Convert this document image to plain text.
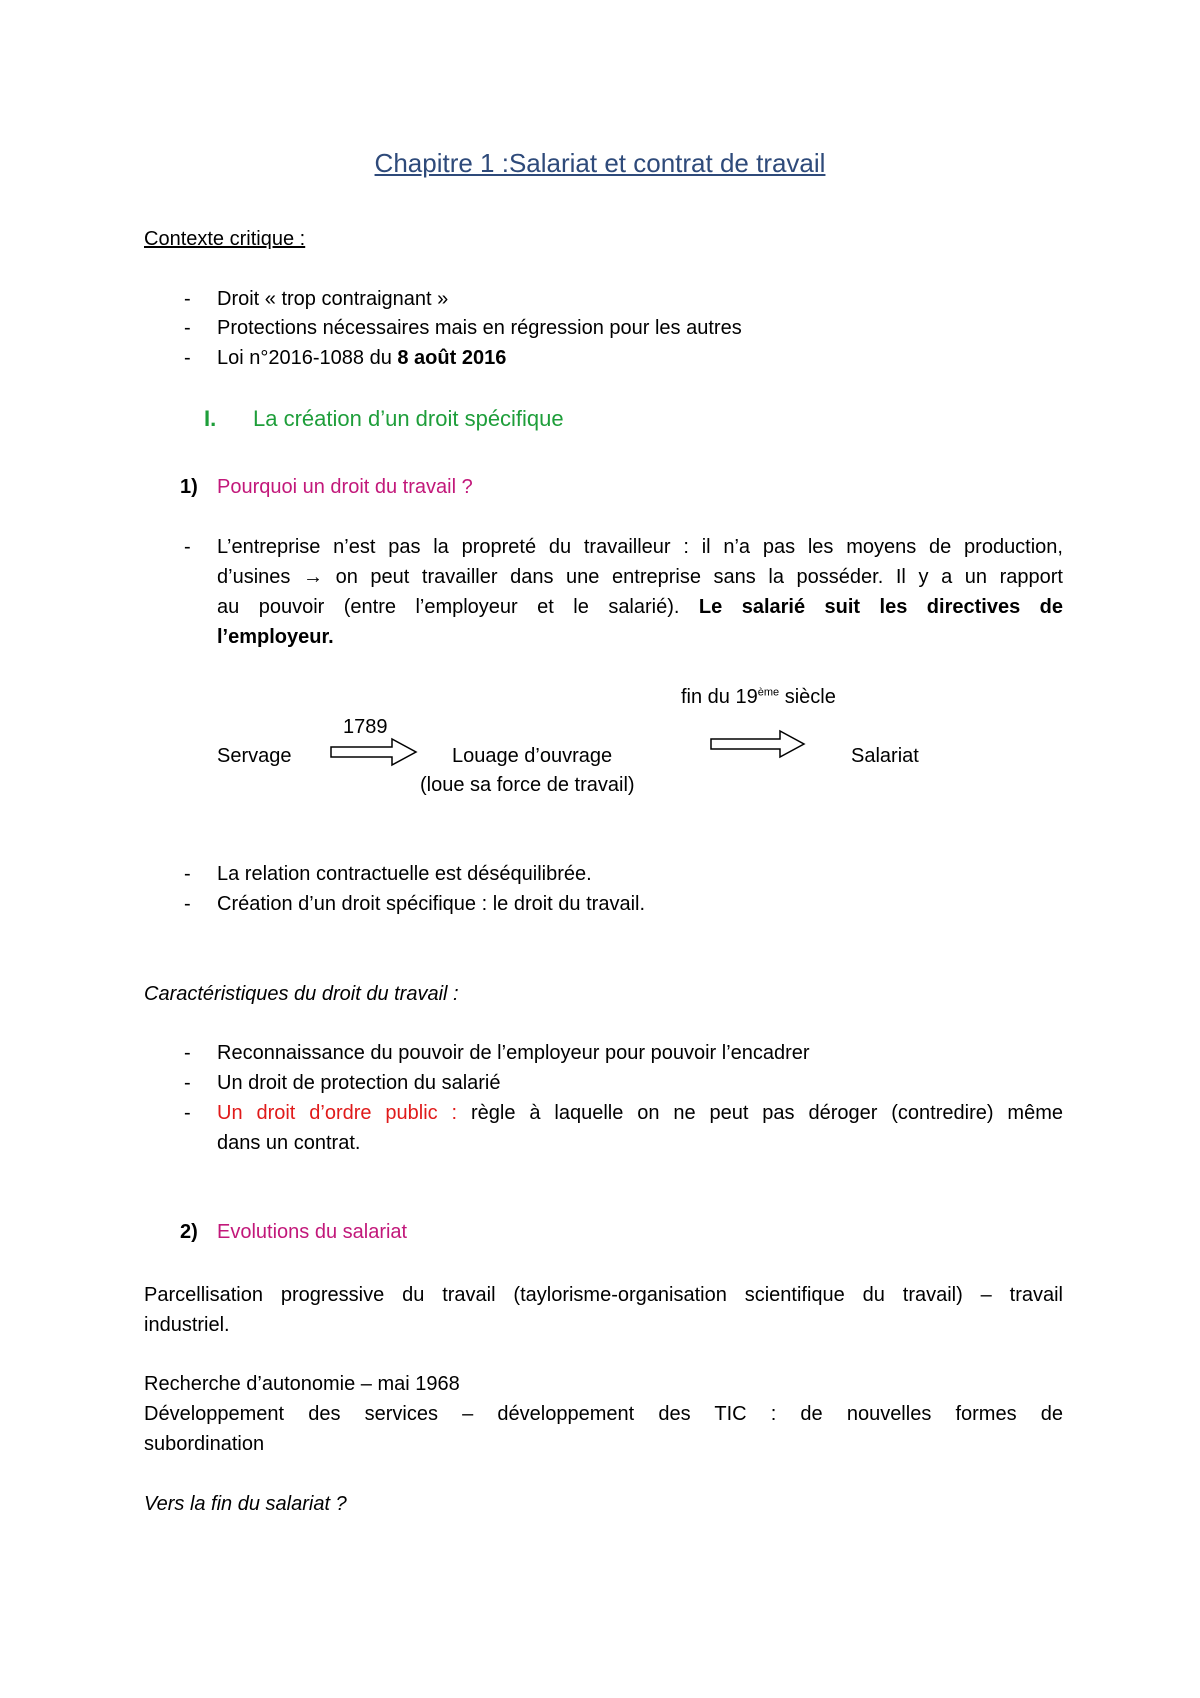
Chapitre 1 :Salariat et contrat de travail
Contexte critique :
- Droit « trop contraignant »
- Protections nécessaires mais en régression pour les autres
- Loi n°2016-1088 du 8 août 2016
I. La création d’un droit spécifique
1) Pourquoi un droit du travail ?
- L’entreprise n’est pas la propreté du travailleur : il n’a pas les moyens de production,
d’usines → on peut travailler dans une entreprise sans la posséder. Il y a un rapport
au pouvoir (entre l’employeur et le salarié). Le salarié suit les directives de
l’employeur.
fin du 19ème siècle
1789
Servage	Louage d’ouvrage
(loue sa force de travail)
Salariat
- La relation contractuelle est déséquilibrée.
- Création d’un droit spécifique : le droit du travail.
Caractéristiques du droit du travail :
- Reconnaissance du pouvoir de l’employeur pour pouvoir l’encadrer
- Un droit de protection du salarié
- Un droit d’ordre public : règle à laquelle on ne peut pas déroger (contredire) même
dans un contrat.
2) Evolutions du salariat
Parcellisation progressive du travail (taylorisme-organisation scientifique du travail) – travail
industriel.
Recherche d’autonomie – mai 1968
Développement des services – développement des TIC : de nouvelles formes de
subordination
Vers la fin du salariat ?
